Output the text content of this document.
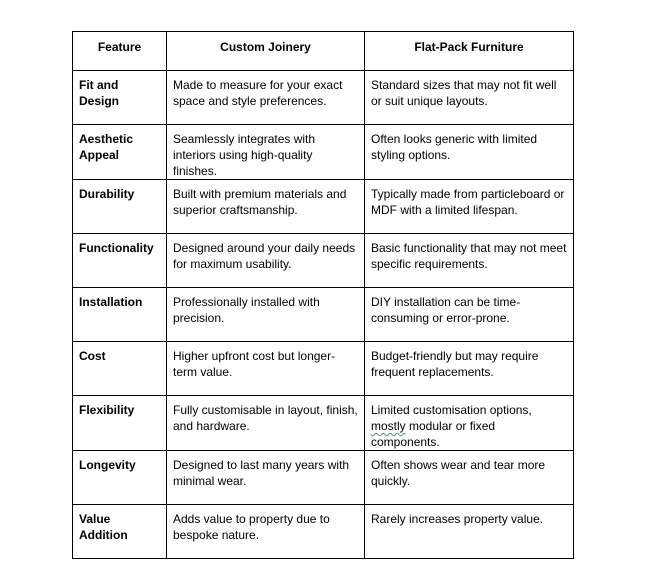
Feature	Custom Joinery	Flat-Pack Furniture
Fit and Design	Made to measure for your exact space and style preferences.	Standard sizes that may not fit well or suit unique layouts.
Aesthetic Appeal	Seamlessly integrates with interiors using high-quality finishes.	Often looks generic with limited styling options.
Durability	Built with premium materials and superior craftsmanship.	Typically made from particleboard or MDF with a limited lifespan.
Functionality	Designed around your daily needs for maximum usability.	Basic functionality that may not meet specific requirements.
Installation	Professionally installed with precision.	DIY installation can be time-consuming or error-prone.
Cost	Higher upfront cost but longer-term value.	Budget-friendly but may require frequent replacements.
Flexibility	Fully customisable in layout, finish, and hardware.	Limited customisation options, mostly modular or fixed components.
Longevity	Designed to last many years with minimal wear.	Often shows wear and tear more quickly.
Value Addition	Adds value to property due to bespoke nature.	Rarely increases property value.
